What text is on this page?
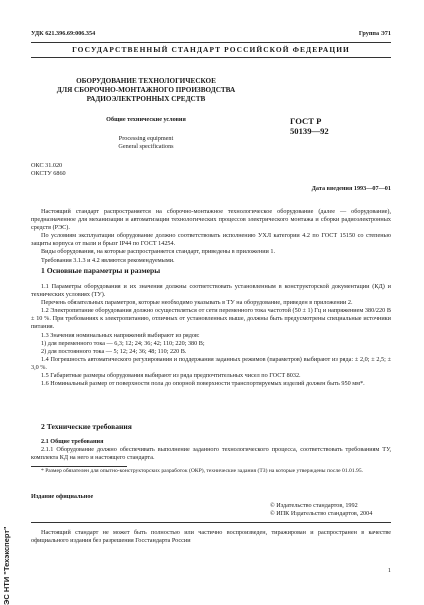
УДК 621.396.69:006.354	Группа Э71
ГОСУДАРСТВЕННЫЙ СТАНДАРТ РОССИЙСКОЙ ФЕДЕРАЦИИ
ОБОРУДОВАНИЕ ТЕХНОЛОГИЧЕСКОЕ
ДЛЯ СБОРОЧНО-МОНТАЖНОГО ПРОИЗВОДСТВА
РАДИОЭЛЕКТРОННЫХ СРЕДСТВ
ГОСТ Р
50139—92
Общие технические условия
Processing equipment
General specifications
ОКС 31.020
ОКСТУ 6860
Дата введения 1993—07—01

Настоящий стандарт распространяется на сборочно-монтажное технологическое оборудование (далее — оборудование), предназначенное для механизации и автоматизации технологических процессов электрического монтажа и сборки радиоэлектронных средств (РЭС).

По условиям эксплуатации оборудование должно соответствовать исполнению УХЛ категории 4.2 по ГОСТ 15150 со степенью защиты корпуса от пыли и брызг IP44 по ГОСТ 14254.

Виды оборудования, на которые распространяется стандарт, приведены в приложении 1.

Требования 3.1.3 и 4.2 являются рекомендуемыми.

1 Основные параметры и размеры

1.1 Параметры оборудования и их значения должны соответствовать установленным в конструкторской документации (КД) и технических условиях (ТУ).

Перечень обязательных параметров, которые необходимо указывать в ТУ на оборудование, приведен в приложении 2.

1.2 Электропитание оборудования должно осуществляться от сети переменного тока частотой (50 ± 1) Гц и напряжением 380/220 В ± 10 %. При требованиях к электропитанию, отличных от установленных выше, должны быть предусмотрены специальные источники питания.

1.3 Значения номинальных напряжений выбирают из рядов:

1) для переменного тока — 6,3; 12; 24; 36; 42; 110; 220; 380 В;

2) для постоянного тока — 5; 12; 24; 36; 48; 110; 220 В.

1.4 Погрешность автоматического регулирования и поддержания заданных режимов (параметров) выбирают из ряда: ± 2,0; ± 2,5; ± 3,0 %.

1.5 Габаритные размеры оборудования выбирают из ряда предпочтительных чисел по ГОСТ 8032.

1.6 Номинальный размер от поверхности пола до опорной поверхности транспортируемых изделий должен быть 950 мм*.

2 Технические требования
2.1 Общие требования

2.1.1 Оборудование должно обеспечивать выполнение заданного технологического процесса, соответствовать требованиям ТУ, комплекта КД на него и настоящего стандарта.

* Размер обязателен для опытно-конструкторских разработок (ОКР), технические задания (ТЗ) на которые утверждены после 01.01.95.

Издание официальное
© Издательство стандартов, 1992
© ИПК Издательство стандартов, 2004

Настоящий стандарт не может быть полностью или частично воспроизведен, тиражирован и распространен в качестве официального издания без разрешения Госстандарта России

1
ЭС НТИ "Техэксперт"
